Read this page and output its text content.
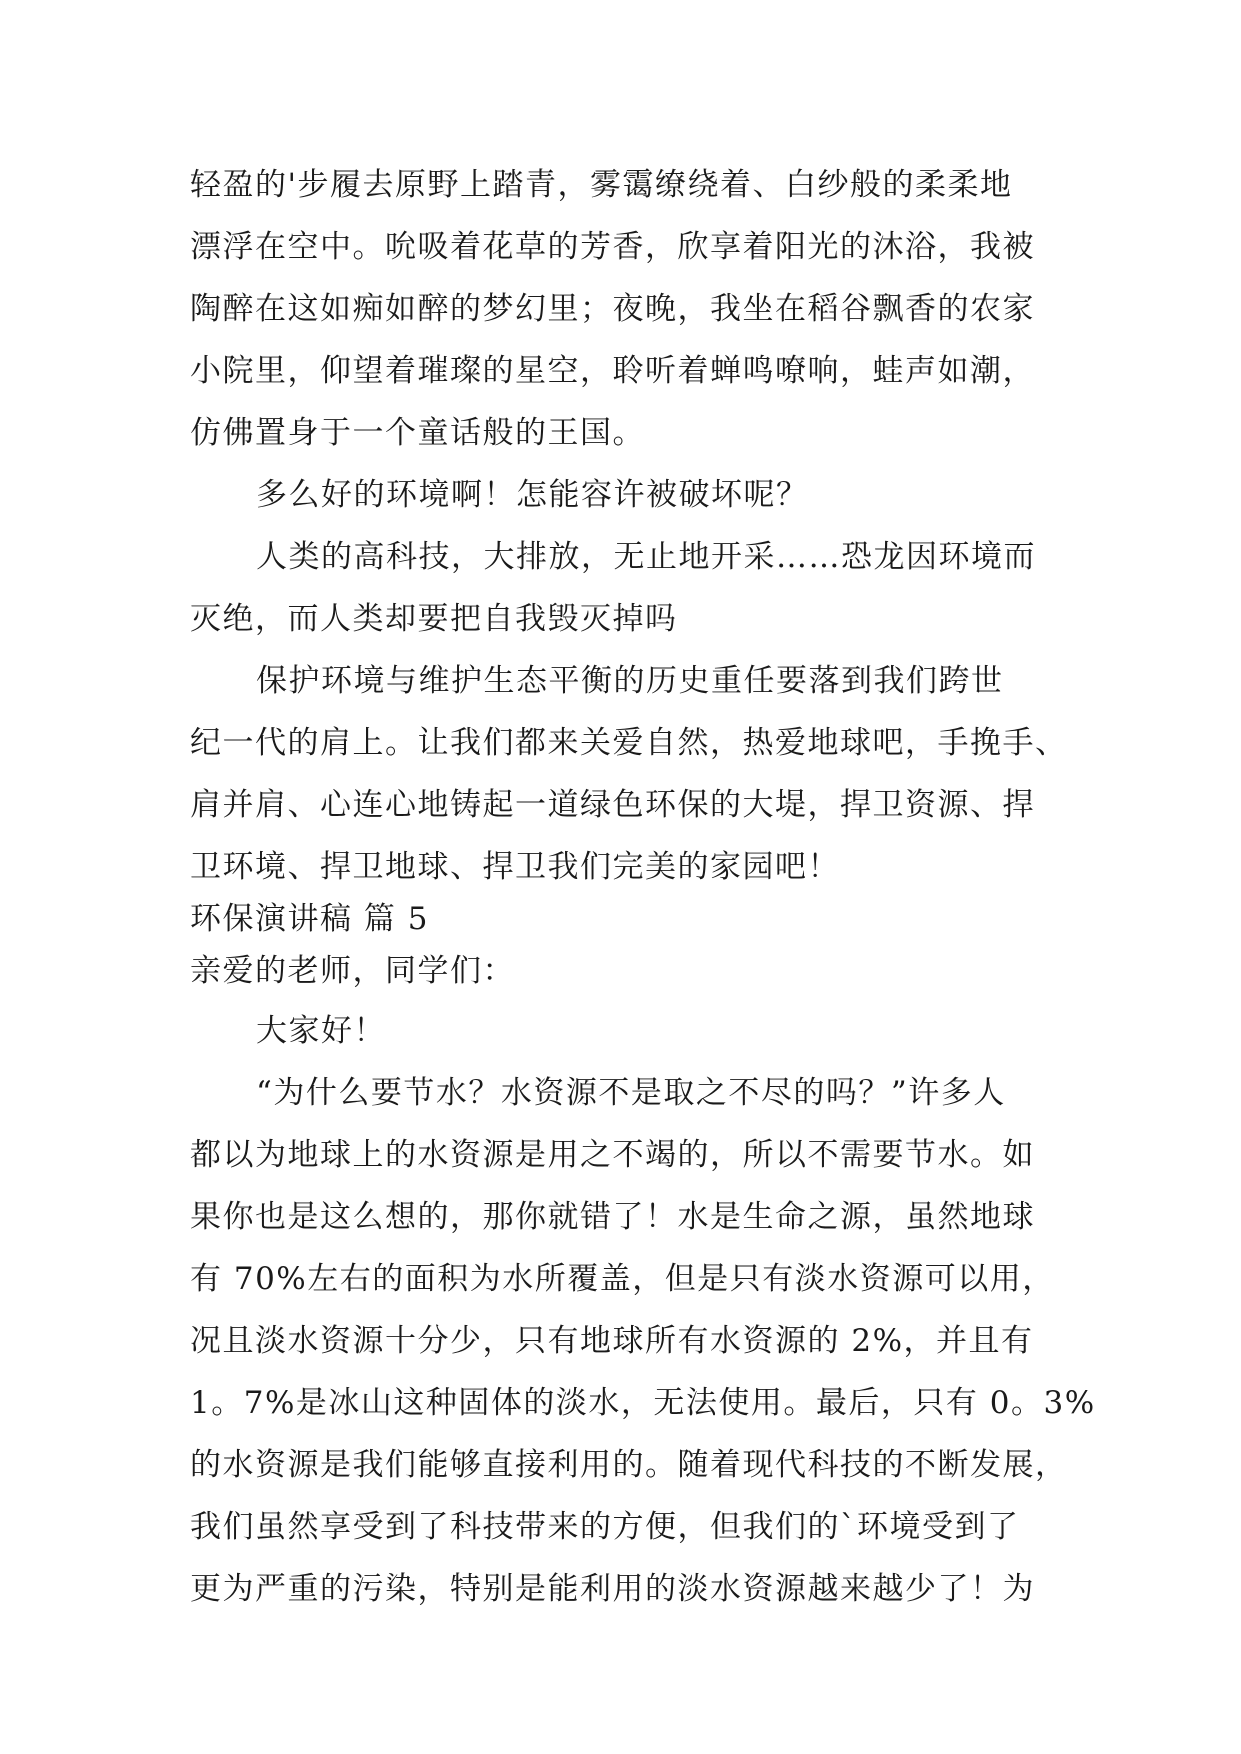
轻盈的'步履去原野上踏青，雾霭缭绕着、白纱般的柔柔地

漂浮在空中。吮吸着花草的芳香，欣享着阳光的沐浴，我被

陶醉在这如痴如醉的梦幻里；夜晚，我坐在稻谷飘香的农家

小院里，仰望着璀璨的星空，聆听着蝉鸣嘹响，蛙声如潮，

仿佛置身于一个童话般的王国。

多么好的环境啊！怎能容许被破坏呢？

人类的高科技，大排放，无止地开采……恐龙因环境而

灭绝，而人类却要把自我毁灭掉吗

保护环境与维护生态平衡的历史重任要落到我们跨世

纪一代的肩上。让我们都来关爱自然，热爱地球吧，手挽手、

肩并肩、心连心地铸起一道绿色环保的大堤，捍卫资源、捍

卫环境、捍卫地球、捍卫我们完美的家园吧！

环保演讲稿 篇 5

亲爱的老师，同学们：

大家好！

“为什么要节水？水资源不是取之不尽的吗？”许多人

都以为地球上的水资源是用之不竭的，所以不需要节水。如

果你也是这么想的，那你就错了！水是生命之源，虽然地球

有 70%左右的面积为水所覆盖，但是只有淡水资源可以用，

况且淡水资源十分少，只有地球所有水资源的 2%，并且有

1。7%是冰山这种固体的淡水，无法使用。最后，只有 0。3%

的水资源是我们能够直接利用的。随着现代科技的不断发展，

我们虽然享受到了科技带来的方便，但我们的`环境受到了

更为严重的污染，特别是能利用的淡水资源越来越少了！为
